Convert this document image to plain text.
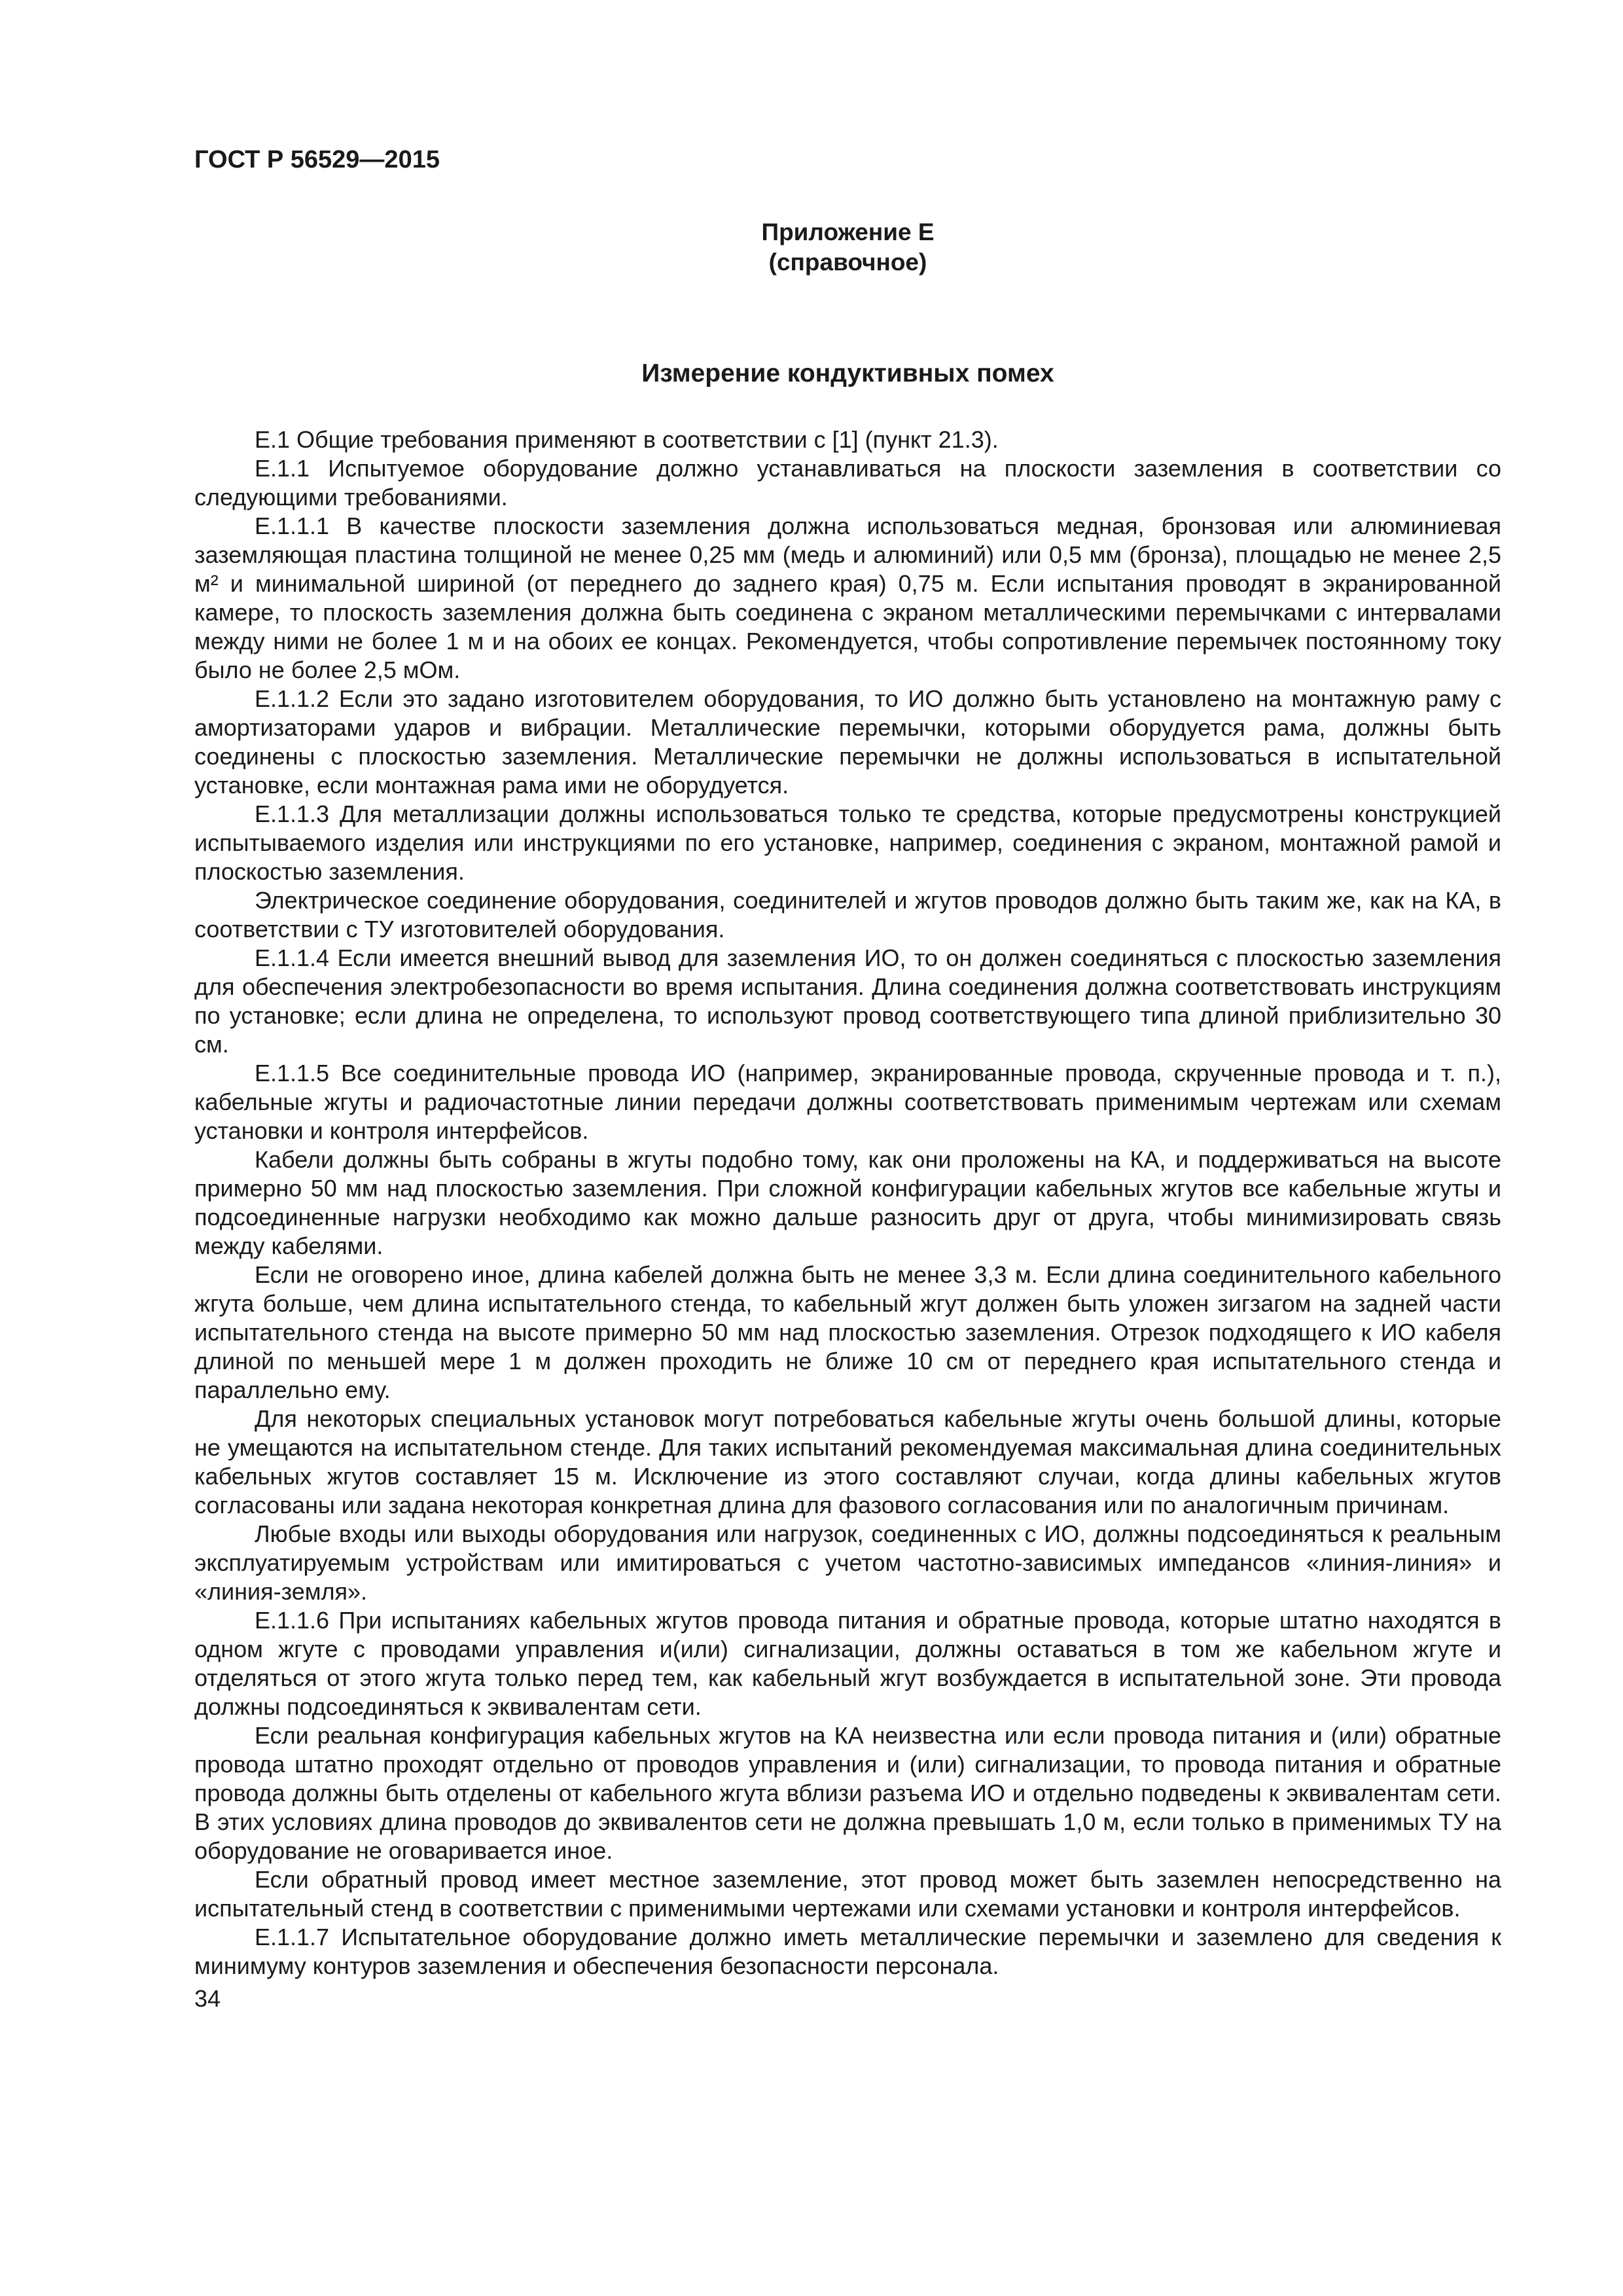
ГОСТ Р 56529—2015
Приложение Е
(справочное)
Измерение кондуктивных помех

Е.1 Общие требования применяют в соответствии с [1] (пункт 21.3).

Е.1.1 Испытуемое оборудование должно устанавливаться на плоскости заземления в соответствии со следующими требованиями.

Е.1.1.1 В качестве плоскости заземления должна использоваться медная, бронзовая или алюминиевая заземляющая пластина толщиной не менее 0,25 мм (медь и алюминий) или 0,5 мм (бронза), площадью не менее 2,5 м² и минимальной шириной (от переднего до заднего края) 0,75 м. Если испытания проводят в экранированной камере, то плоскость заземления должна быть соединена с экраном металлическими перемычками с интервалами между ними не более 1 м и на обоих ее концах. Рекомендуется, чтобы сопротивление перемычек постоянному току было не более 2,5 мОм.

Е.1.1.2 Если это задано изготовителем оборудования, то ИО должно быть установлено на монтажную раму с амортизаторами ударов и вибрации. Металлические перемычки, которыми оборудуется рама, должны быть соединены с плоскостью заземления. Металлические перемычки не должны использоваться в испытательной установке, если монтажная рама ими не оборудуется.

Е.1.1.3 Для металлизации должны использоваться только те средства, которые предусмотрены конструкцией испытываемого изделия или инструкциями по его установке, например, соединения с экраном, монтажной рамой и плоскостью заземления.

Электрическое соединение оборудования, соединителей и жгутов проводов должно быть таким же, как на КА, в соответствии с ТУ изготовителей оборудования.

Е.1.1.4 Если имеется внешний вывод для заземления ИО, то он должен соединяться с плоскостью заземления для обеспечения электробезопасности во время испытания. Длина соединения должна соответствовать инструкциям по установке; если длина не определена, то используют провод соответствующего типа длиной приблизительно 30 см.

Е.1.1.5 Все соединительные провода ИО (например, экранированные провода, скрученные провода и т. п.), кабельные жгуты и радиочастотные линии передачи должны соответствовать применимым чертежам или схемам установки и контроля интерфейсов.

Кабели должны быть собраны в жгуты подобно тому, как они проложены на КА, и поддерживаться на высоте примерно 50 мм над плоскостью заземления. При сложной конфигурации кабельных жгутов все кабельные жгуты и подсоединенные нагрузки необходимо как можно дальше разносить друг от друга, чтобы минимизировать связь между кабелями.

Если не оговорено иное, длина кабелей должна быть не менее 3,3 м. Если длина соединительного кабельного жгута больше, чем длина испытательного стенда, то кабельный жгут должен быть уложен зигзагом на задней части испытательного стенда на высоте примерно 50 мм над плоскостью заземления. Отрезок подходящего к ИО кабеля длиной по меньшей мере 1 м должен проходить не ближе 10 см от переднего края испытательного стенда и параллельно ему.

Для некоторых специальных установок могут потребоваться кабельные жгуты очень большой длины, которые не умещаются на испытательном стенде. Для таких испытаний рекомендуемая максимальная длина соединительных кабельных жгутов составляет 15 м. Исключение из этого составляют случаи, когда длины кабельных жгутов согласованы или задана некоторая конкретная длина для фазового согласования или по аналогичным причинам.

Любые входы или выходы оборудования или нагрузок, соединенных с ИО, должны подсоединяться к реальным эксплуатируемым устройствам или имитироваться с учетом частотно-зависимых импедансов «линия-линия» и «линия-земля».

Е.1.1.6 При испытаниях кабельных жгутов провода питания и обратные провода, которые штатно находятся в одном жгуте с проводами управления и(или) сигнализации, должны оставаться в том же кабельном жгуте и отделяться от этого жгута только перед тем, как кабельный жгут возбуждается в испытательной зоне. Эти провода должны подсоединяться к эквивалентам сети.

Если реальная конфигурация кабельных жгутов на КА неизвестна или если провода питания и (или) обратные провода штатно проходят отдельно от проводов управления и (или) сигнализации, то провода питания и обратные провода должны быть отделены от кабельного жгута вблизи разъема ИО и отдельно подведены к эквивалентам сети. В этих условиях длина проводов до эквивалентов сети не должна превышать 1,0 м, если только в применимых ТУ на оборудование не оговаривается иное.

Если обратный провод имеет местное заземление, этот провод может быть заземлен непосредственно на испытательный стенд в соответствии с применимыми чертежами или схемами установки и контроля интерфейсов.

Е.1.1.7 Испытательное оборудование должно иметь металлические перемычки и заземлено для сведения к минимуму контуров заземления и обеспечения безопасности персонала.

34
